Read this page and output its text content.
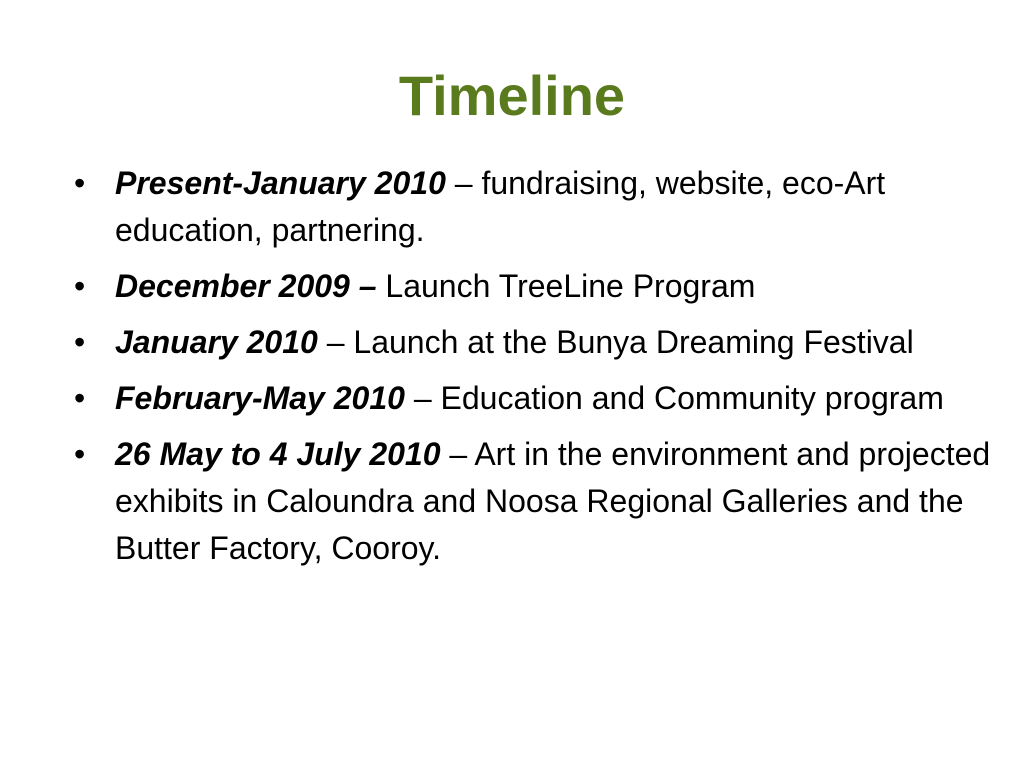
Timeline
• Present-January 2010 – fundraising, website, eco-Art education, partnering.
• December 2009 – Launch TreeLine Program
• January 2010 – Launch at the Bunya Dreaming Festival
• February-May 2010 – Education and Community program
• 26 May to 4 July 2010 – Art in the environment and projected exhibits in Caloundra and Noosa Regional Galleries and the Butter Factory, Cooroy.
